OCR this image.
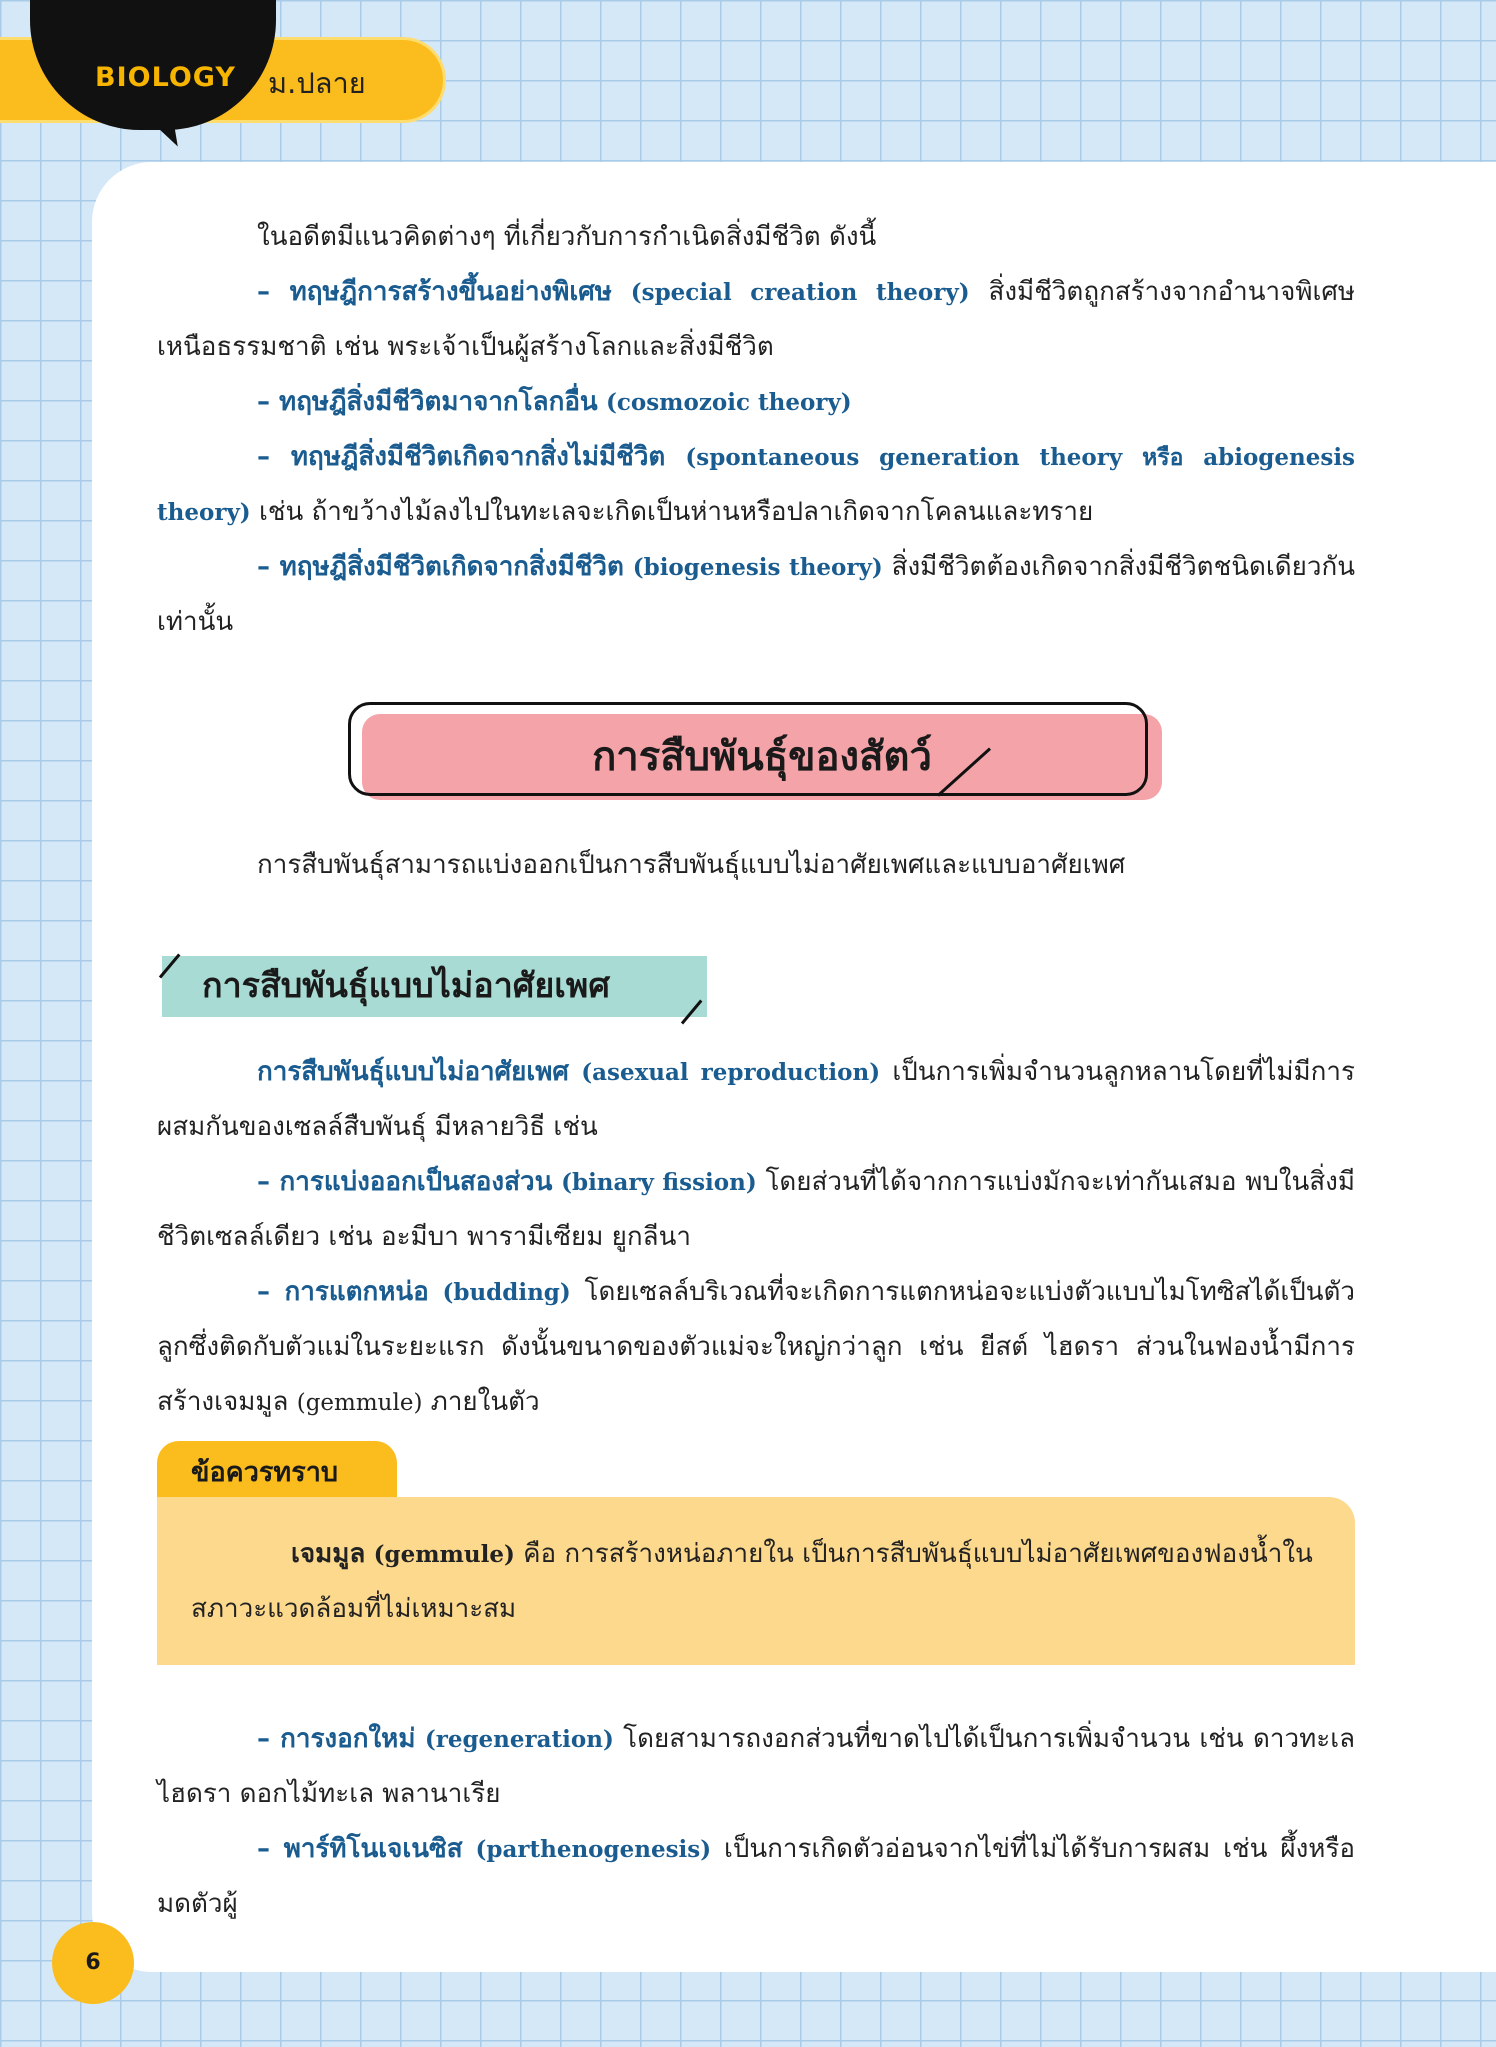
BIOLOGY ม.ปลาย

ในอดีตมีแนวคิดต่างๆ ที่เกี่ยวกับการกำเนิดสิ่งมีชีวิต ดังนี้

– ทฤษฎีการสร้างขึ้นอย่างพิเศษ (special creation theory) สิ่งมีชีวิตถูกสร้างจากอำนาจพิเศษเหนือธรรมชาติ เช่น พระเจ้าเป็นผู้สร้างโลกและสิ่งมีชีวิต

– ทฤษฎีสิ่งมีชีวิตมาจากโลกอื่น (cosmozoic theory)

– ทฤษฎีสิ่งมีชีวิตเกิดจากสิ่งไม่มีชีวิต (spontaneous generation theory หรือ abiogenesis theory) เช่น ถ้าขว้างไม้ลงไปในทะเลจะเกิดเป็นห่านหรือปลาเกิดจากโคลนและทราย

– ทฤษฎีสิ่งมีชีวิตเกิดจากสิ่งมีชีวิต (biogenesis theory) สิ่งมีชีวิตต้องเกิดจากสิ่งมีชีวิตชนิดเดียวกันเท่านั้น

การสืบพันธุ์ของสัตว์

การสืบพันธุ์สามารถแบ่งออกเป็นการสืบพันธุ์แบบไม่อาศัยเพศและแบบอาศัยเพศ

การสืบพันธุ์แบบไม่อาศัยเพศ

การสืบพันธุ์แบบไม่อาศัยเพศ (asexual reproduction) เป็นการเพิ่มจำนวนลูกหลานโดยที่ไม่มีการผสมกันของเซลล์สืบพันธุ์ มีหลายวิธี เช่น

– การแบ่งออกเป็นสองส่วน (binary fission) โดยส่วนที่ได้จากการแบ่งมักจะเท่ากันเสมอ พบในสิ่งมีชีวิตเซลล์เดียว เช่น อะมีบา พารามีเซียม ยูกลีนา

– การแตกหน่อ (budding) โดยเซลล์บริเวณที่จะเกิดการแตกหน่อจะแบ่งตัวแบบไมโทซิสได้เป็นตัวลูกซึ่งติดกับตัวแม่ในระยะแรก ดังนั้นขนาดของตัวแม่จะใหญ่กว่าลูก เช่น ยีสต์ ไฮดรา ส่วนในฟองน้ำมีการสร้างเจมมูล (gemmule) ภายในตัว

ข้อควรทราบ

เจมมูล (gemmule) คือ การสร้างหน่อภายใน เป็นการสืบพันธุ์แบบไม่อาศัยเพศของฟองน้ำในสภาวะแวดล้อมที่ไม่เหมาะสม

– การงอกใหม่ (regeneration) โดยสามารถงอกส่วนที่ขาดไปได้เป็นการเพิ่มจำนวน เช่น ดาวทะเล ไฮดรา ดอกไม้ทะเล พลานาเรีย

– พาร์ทิโนเจเนซิส (parthenogenesis) เป็นการเกิดตัวอ่อนจากไข่ที่ไม่ได้รับการผสม เช่น ผึ้งหรือมดตัวผู้

6
